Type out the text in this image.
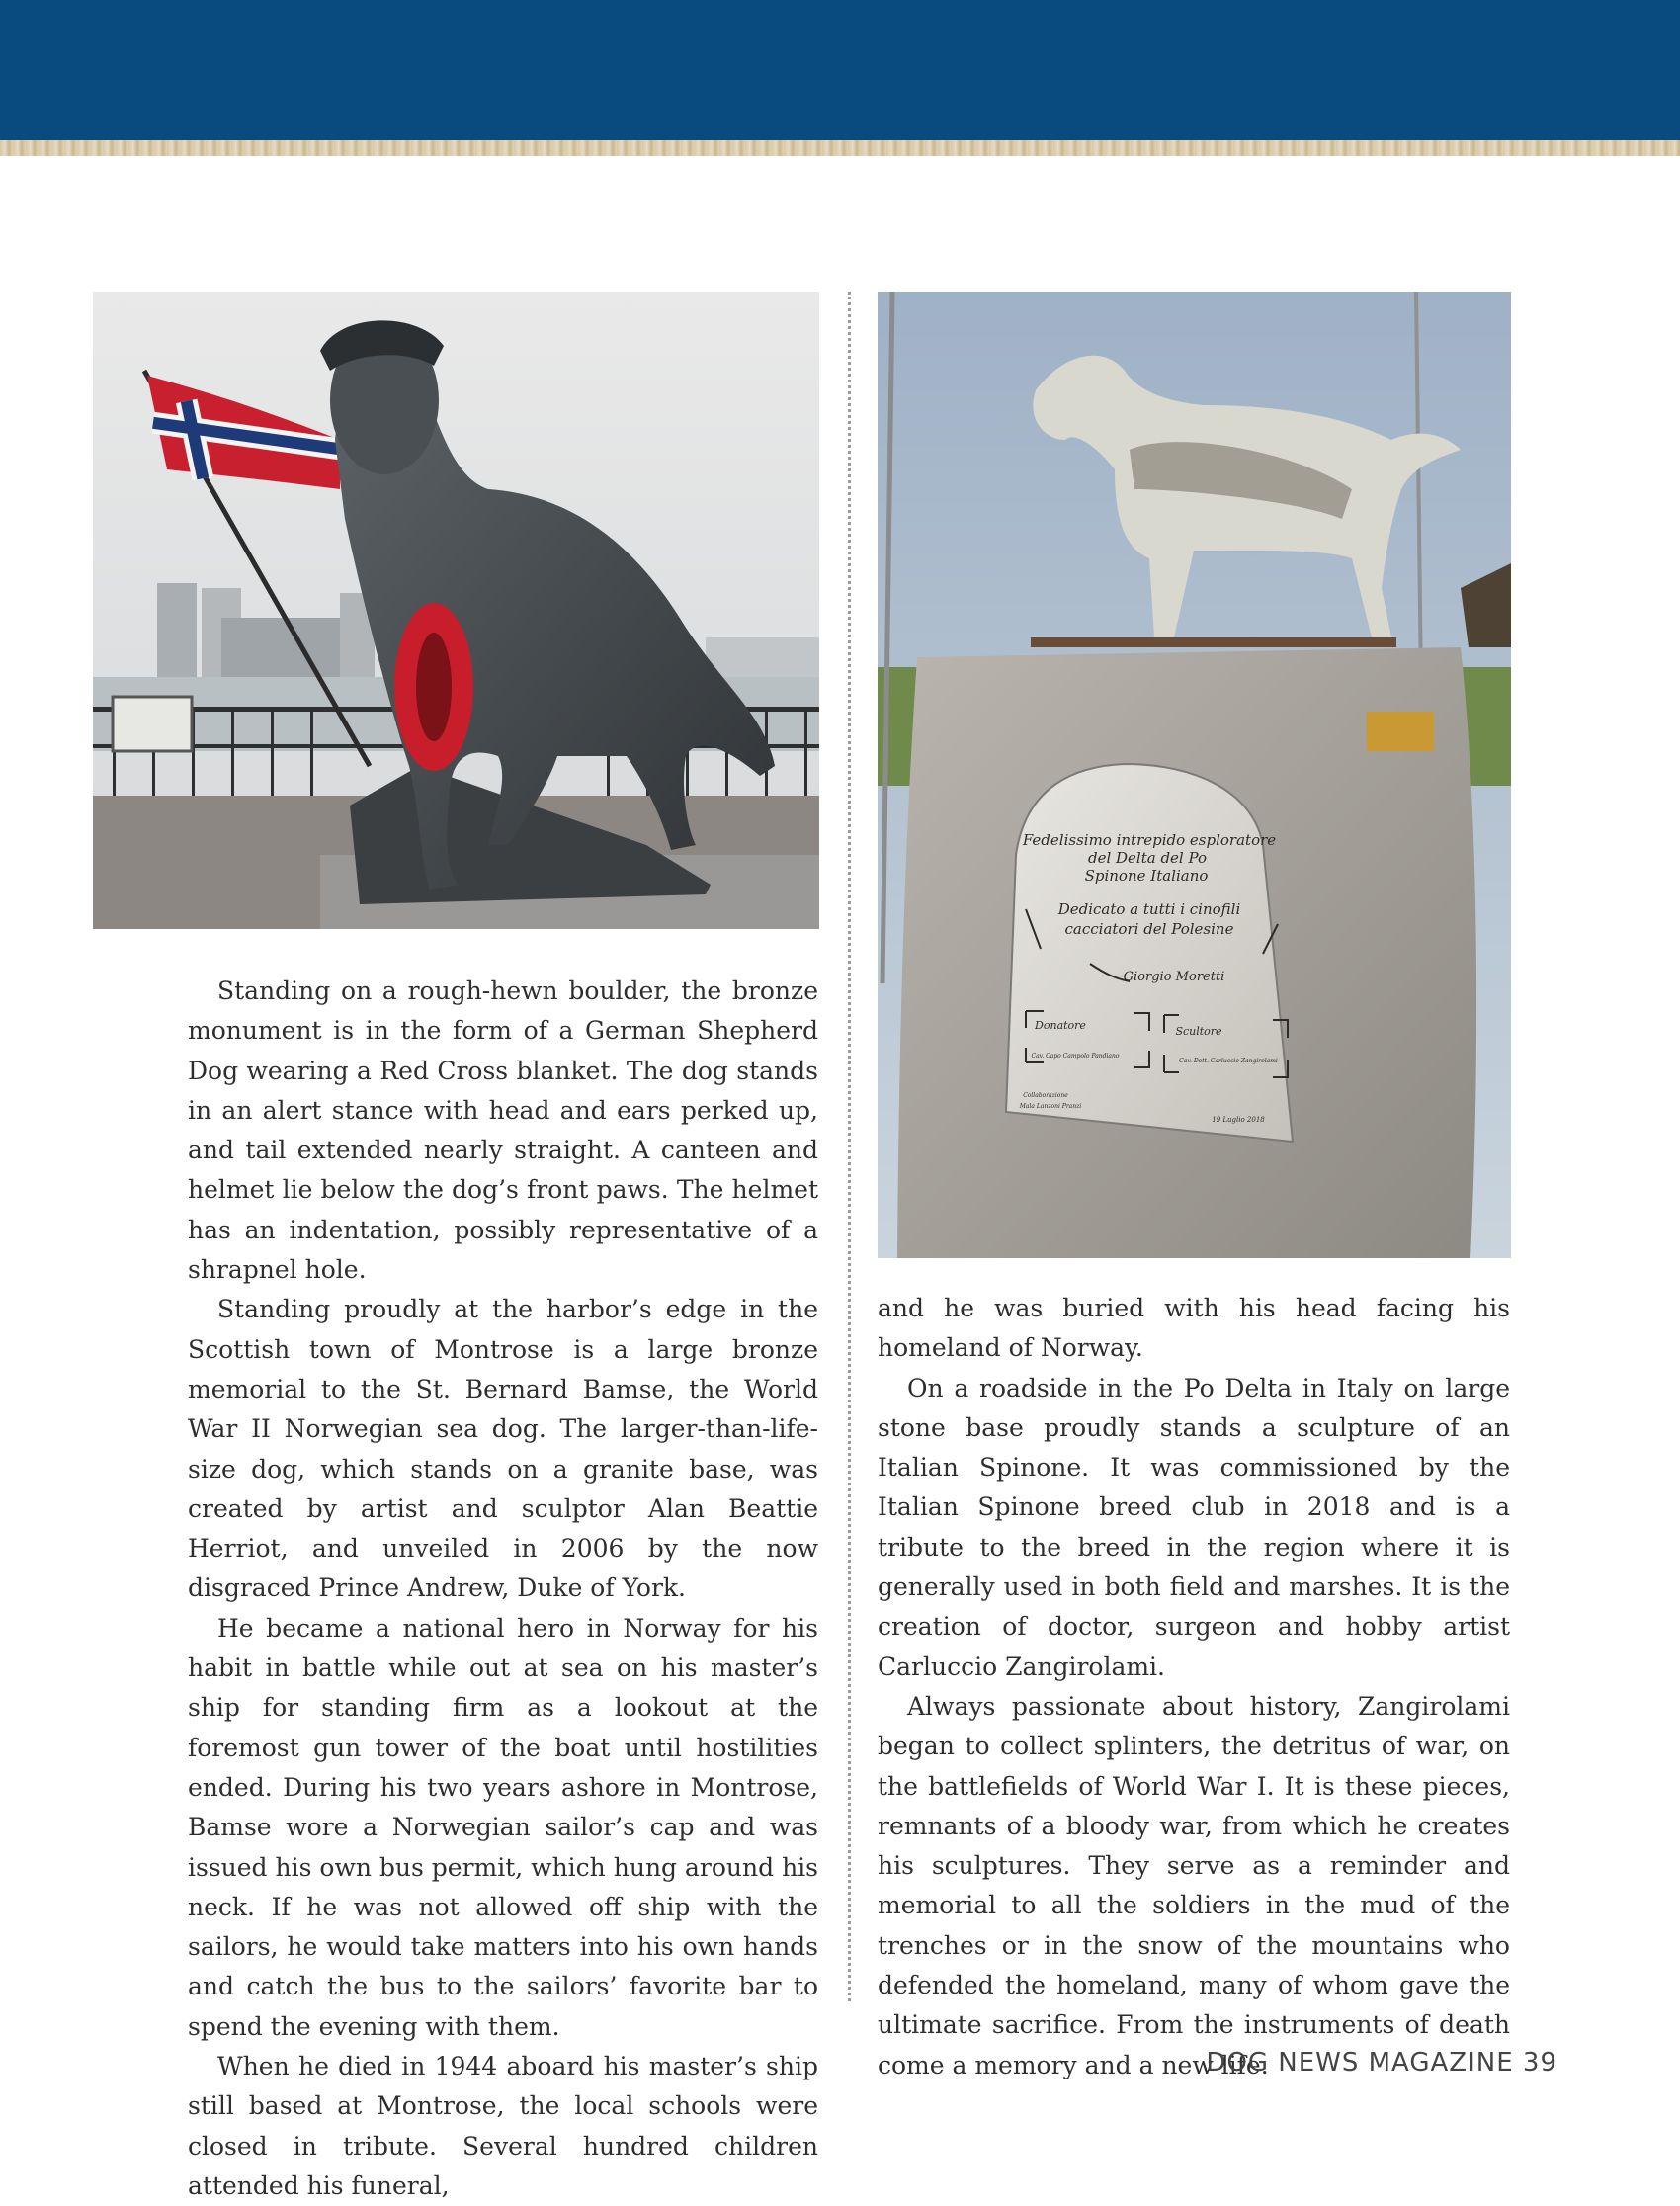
Fedelissimo intrepido esploratore
del Delta del Po
Spinone Italiano
Dedicato a tutti i cinofili
cacciatori del Polesine
Giorgio Moretti
Donatore	Scultore
Cav. Capo Campolo Pandiano
Cav. Dott. Carluccio Zangirolami
Collaborazione
Mala Lanzoni Pranzi
19 Luglio 2018

Standing on a rough-hewn boulder, the bronze monument is in the form of a German Shepherd Dog wearing a Red Cross blanket. The dog stands in an alert stance with head and ears perked up, and tail extended nearly straight. A canteen and helmet lie below the dog’s front paws. The helmet has an indentation, possibly representative of a shrapnel hole.

Standing proudly at the harbor’s edge in the Scottish town of Montrose is a large bronze memorial to the St. Bernard Bamse, the World War II Norwegian sea dog. The larger-than-life-size dog, which stands on a granite base, was created by artist and sculptor Alan Beattie Herriot, and unveiled in 2006 by the now disgraced Prince Andrew, Duke of York.

He became a national hero in Norway for his habit in battle while out at sea on his master’s ship for standing firm as a lookout at the foremost gun tower of the boat until hostilities ended. During his two years ashore in Montrose, Bamse wore a Norwegian sailor’s cap and was issued his own bus permit, which hung around his neck. If he was not allowed off ship with the sailors, he would take matters into his own hands and catch the bus to the sailors’ favorite bar to spend the evening with them.

When he died in 1944 aboard his master’s ship still based at Montrose, the local schools were closed in tribute. Several hundred children attended his funeral,

and he was buried with his head facing his homeland of Norway.

On a roadside in the Po Delta in Italy on large stone base proudly stands a sculpture of an Italian Spinone. It was commissioned by the Italian Spinone breed club in 2018 and is a tribute to the breed in the region where it is generally used in both field and marshes. It is the creation of doctor, surgeon and hobby artist Carluccio Zangirolami.

Always passionate about history, Zangirolami began to collect splinters, the detritus of war, on the battlefields of World War I. It is these pieces, remnants of a bloody war, from which he creates his sculptures. They serve as a reminder and memorial to all the soldiers in the mud of the trenches or in the snow of the mountains who defended the homeland, many of whom gave the ultimate sacrifice. From the instruments of death come a memory and a new life.

DOG NEWS MAGAZINE 39
